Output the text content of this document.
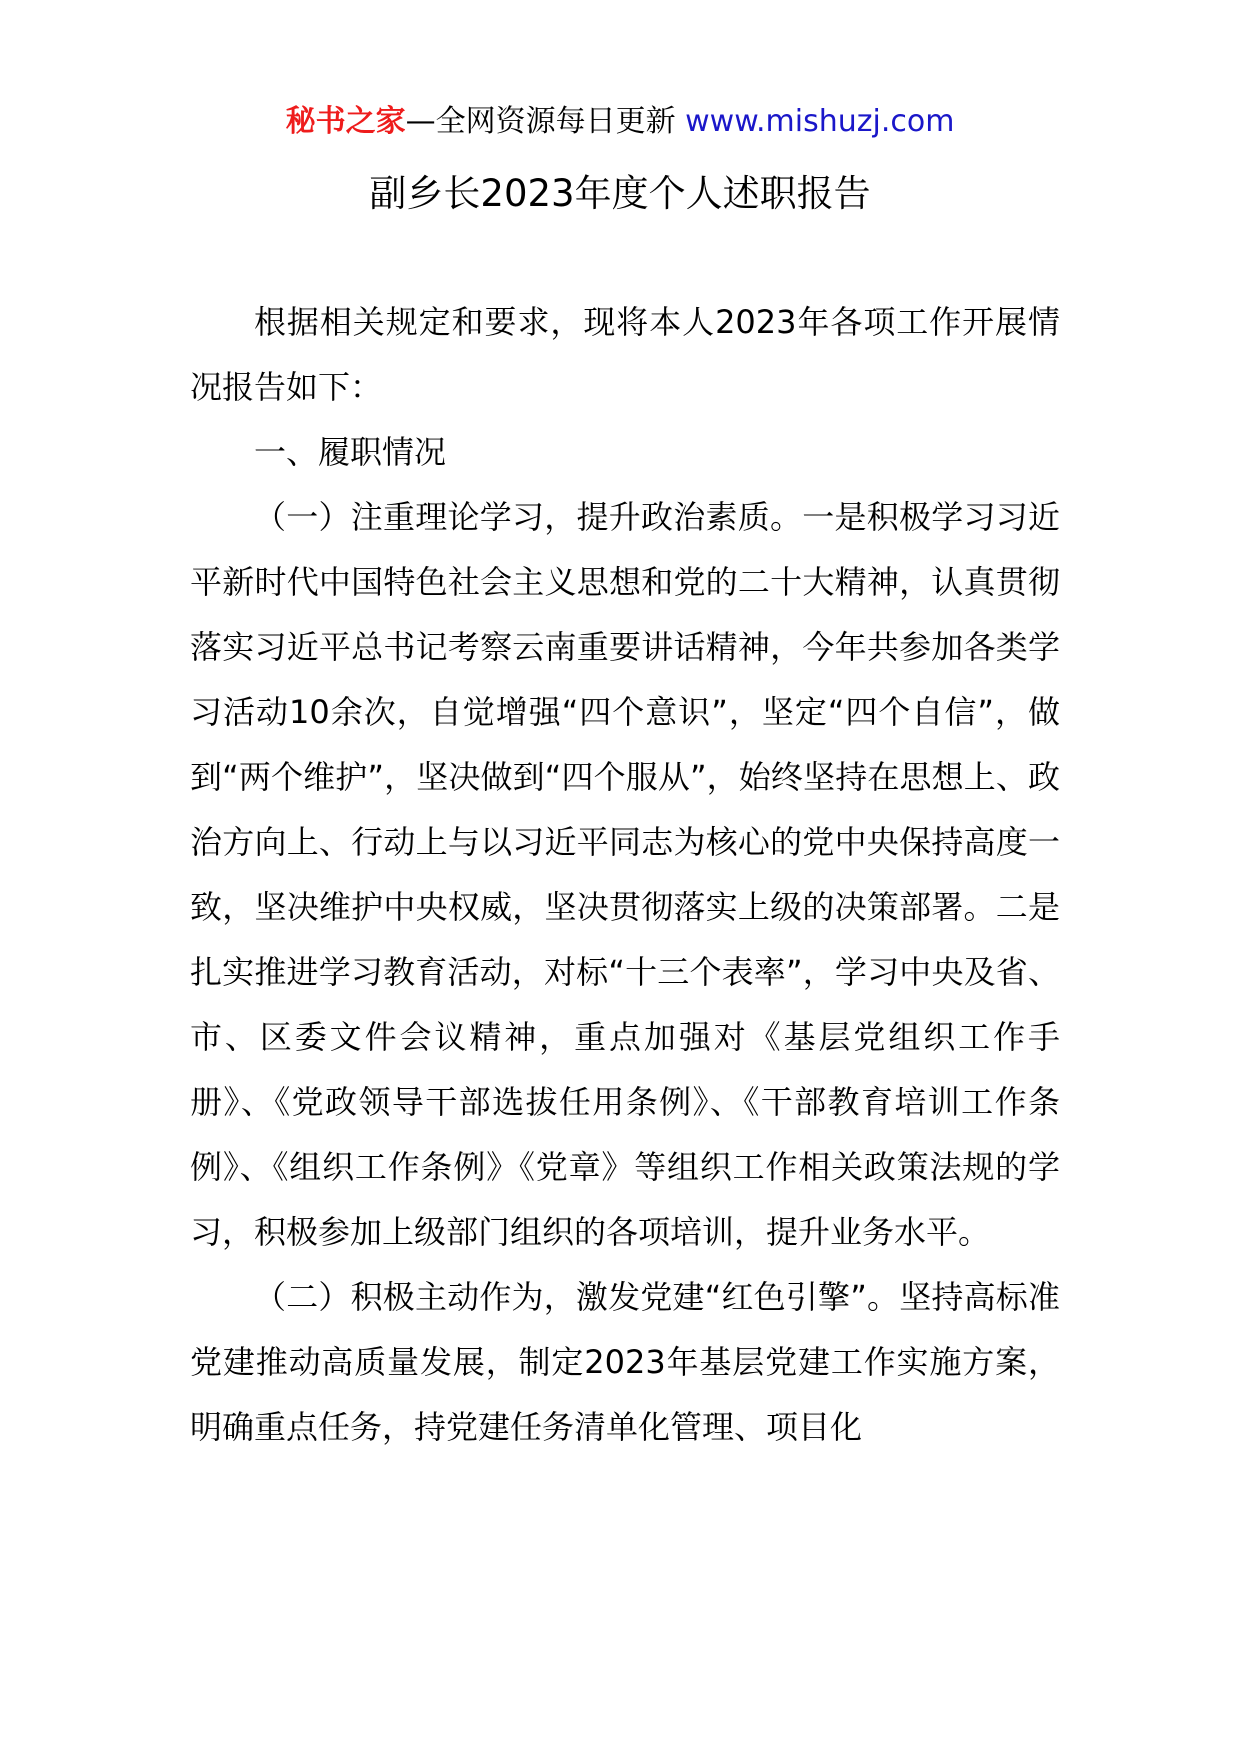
秘书之家—全网资源每日更新 www.mishuzj.com
副乡长2023年度个人述职报告

根据相关规定和要求，现将本人2023年各项工作开展情况报告如下：

一、履职情况

（一）注重理论学习，提升政治素质。一是积极学习习近平新时代中国特色社会主义思想和党的二十大精神，认真贯彻落实习近平总书记考察云南重要讲话精神，今年共参加各类学习活动10余次，自觉增强“四个意识”，坚定“四个自信”，做到“两个维护”，坚决做到“四个服从”，始终坚持在思想上、政治方向上、行动上与以习近平同志为核心的党中央保持高度一致，坚决维护中央权威，坚决贯彻落实上级的决策部署。二是扎实推进学习教育活动，对标“十三个表率”，学习中央及省、市、区委文件会议精神，重点加强对《基层党组织工作手册》、《党政领导干部选拔任用条例》、《干部教育培训工作条例》、《组织工作条例》《党章》等组织工作相关政策法规的学习，积极参加上级部门组织的各项培训，提升业务水平。

（二）积极主动作为，激发党建“红色引擎”。坚持高标准党建推动高质量发展，制定2023年基层党建工作实施方案，明确重点任务，持党建任务清单化管理、项目化
